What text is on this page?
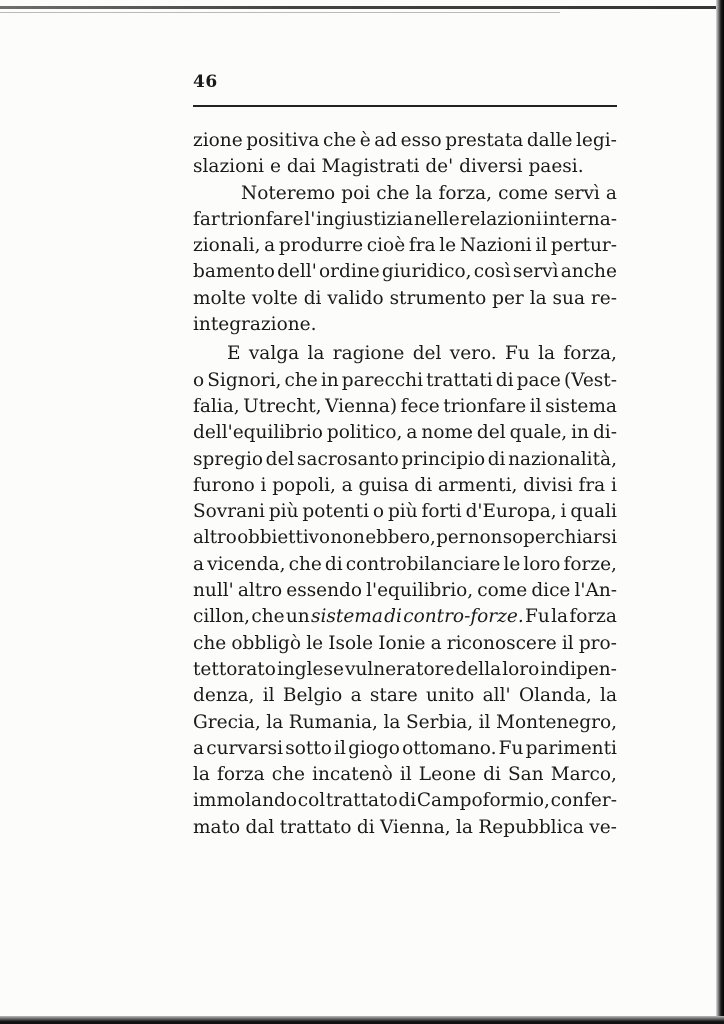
46
zione positiva che è ad esso prestata dalle legi-
slazioni e dai Magistrati de' diversi paesi.
Noteremo poi che la forza, come servì a
far trionfare l' ingiustizia nelle relazioni interna-
zionali, a produrre cioè fra le Nazioni il pertur-
bamento dell' ordine giuridico, così servì anche
molte volte di valido strumento per la sua re-
integrazione.
E valga la ragione del vero. Fu la forza,
o Signori, che in parecchi trattati di pace (Vest-
falia, Utrecht, Vienna) fece trionfare il sistema
dell'equilibrio politico, a nome del quale, in di-
spregio del sacrosanto principio di nazionalità,
furono i popoli, a guisa di armenti, divisi fra i
Sovrani più potenti o più forti d'Europa, i quali
altro obbiettivo non ebbero, per non soperchiarsi
a vicenda, che di controbilanciare le loro forze,
null' altro essendo l'equilibrio, come dice l'An-
cillon, che un sistema di contro-forze. Fu la forza
che obbligò le Isole Ionie a riconoscere il pro-
tettorato inglese vulneratore della loro indipen-
denza, il Belgio a stare unito all' Olanda, la
Grecia, la Rumania, la Serbia, il Montenegro,
a curvarsi sotto il giogo ottomano. Fu parimenti
la forza che incatenò il Leone di San Marco,
immolando col trattato di Campoformio, confer-
mato dal trattato di Vienna, la Repubblica ve-
